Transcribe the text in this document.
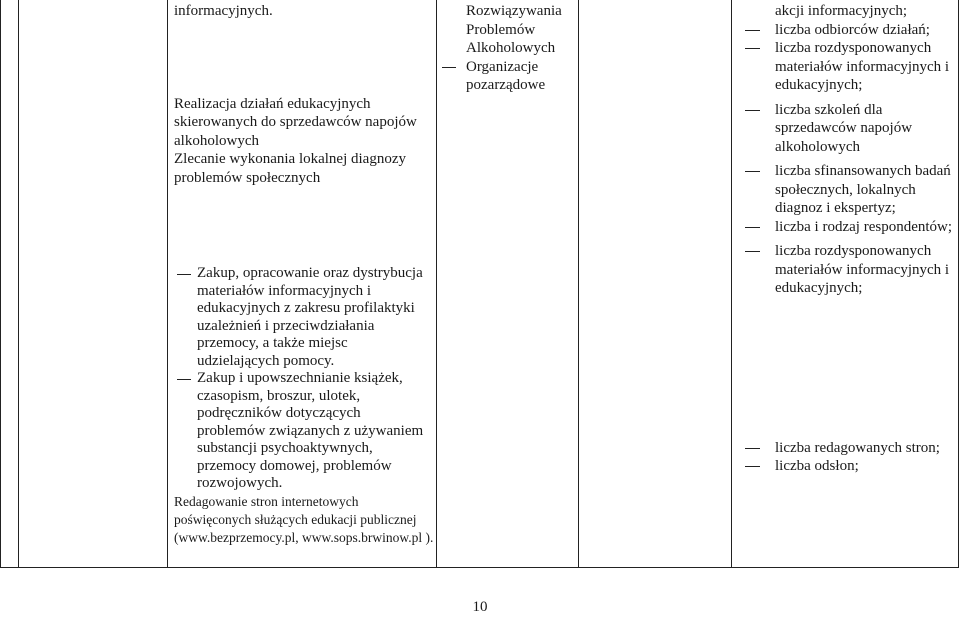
informacyjnych.

Realizacja działań edukacyjnych skierowanych do sprzedawców napojów alkoholowych

Zlecanie wykonania lokalnej diagnozy problemów społecznych

Zakup, opracowanie oraz dystrybucja materiałów informacyjnych i edukacyjnych z zakresu profilaktyki uzależnień i przeciwdziałania przemocy, a także miejsc udzielających pomocy.

Zakup i upowszechnianie książek, czasopism, broszur, ulotek, podręczników dotyczących problemów związanych z używaniem substancji psychoaktywnych, przemocy domowej, problemów rozwojowych.

Redagowanie stron internetowych poświęconych służących edukacji publicznej (www.bezprzemocy.pl, www.sops.brwinow.pl ).

Rozwiązywania Problemów Alkoholowych

Organizacje pozarządowe

akcji informacyjnych;

liczba odbiorców działań;

liczba rozdysponowanych materiałów informacyjnych i edukacyjnych;

liczba szkoleń dla sprzedawców napojów alkoholowych

liczba sfinansowanych badań społecznych, lokalnych diagnoz i ekspertyz;

liczba i rodzaj respondentów;

liczba rozdysponowanych materiałów informacyjnych i edukacyjnych;

liczba redagowanych stron;

liczba odsłon;

10
